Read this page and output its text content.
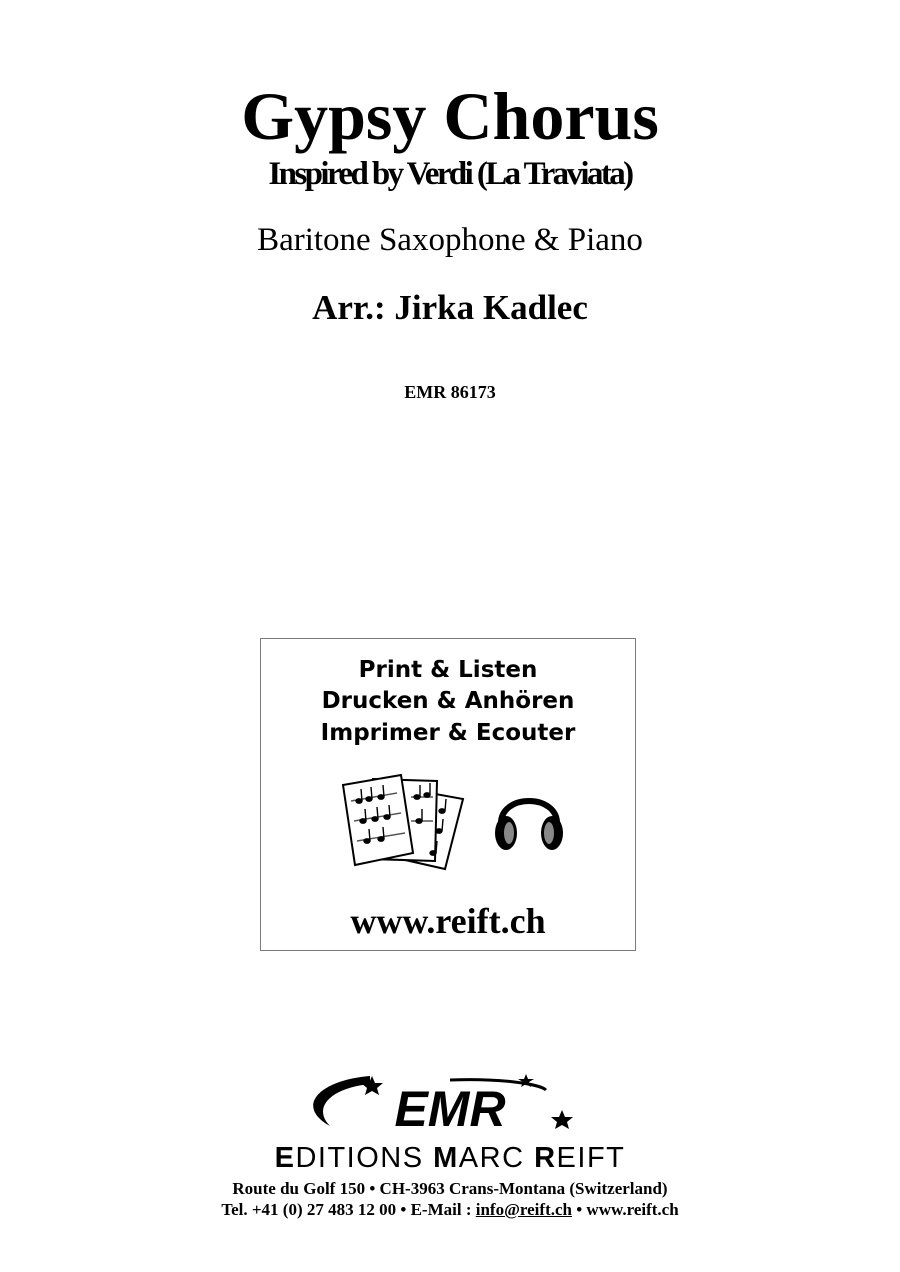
Gypsy Chorus
Inspired by Verdi (La Traviata)
Baritone Saxophone & Piano
Arr.: Jirka Kadlec
EMR 86173
Print & Listen
Drucken & Anhören
Imprimer & Ecouter
www.reift.ch
EMR
EDITIONS MARC REIFT
Route du Golf 150 • CH-3963 Crans-Montana (Switzerland)
Tel. +41 (0) 27 483 12 00 • E-Mail : info@reift.ch • www.reift.ch
